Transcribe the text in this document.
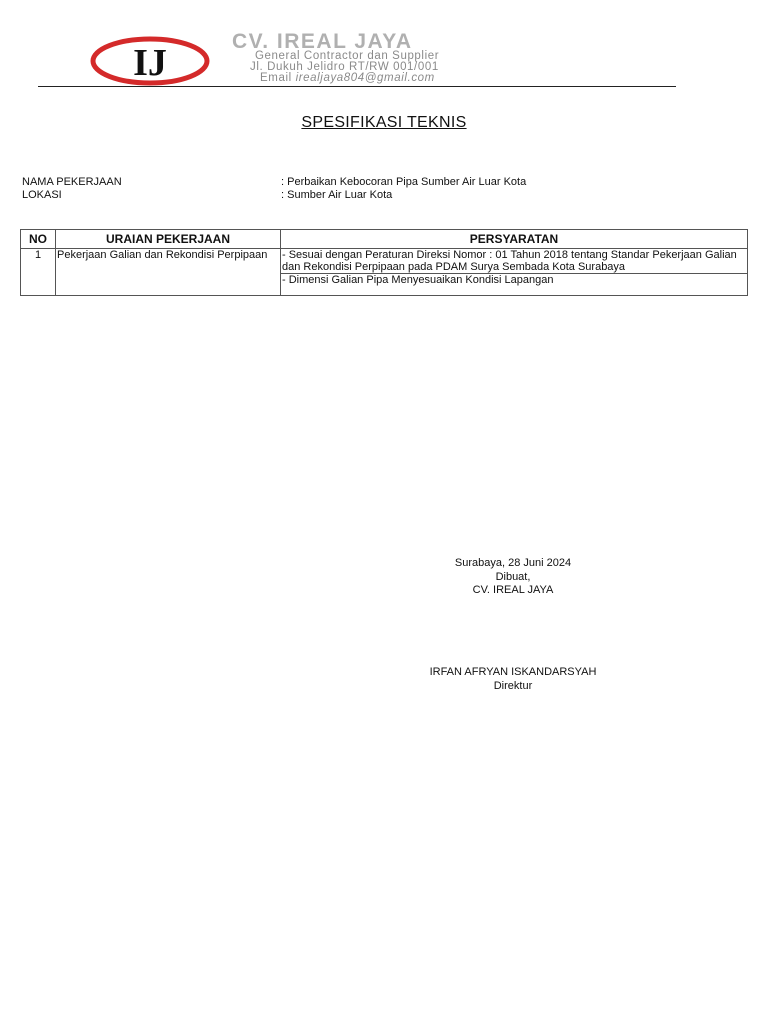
IJ
CV. IREAL JAYA
General Contractor dan Supplier
Jl. Dukuh Jelidro RT/RW 001/001
Email irealjaya804@gmail.com
SPESIFIKASI TEKNIS
NAMA PEKERJAAN	: Perbaikan Kebocoran Pipa Sumber Air Luar Kota
LOKASI	: Sumber Air Luar Kota
NO	URAIAN PEKERJAAN	PERSYARATAN
1	Pekerjaan Galian dan Rekondisi Perpipaan	- Sesuai dengan Peraturan Direksi Nomor : 01 Tahun 2018 tentang Standar Pekerjaan Galian dan Rekondisi Perpipaan pada PDAM Surya Sembada Kota Surabaya
		- Dimensi Galian Pipa Menyesuaikan Kondisi Lapangan
Surabaya, 28 Juni 2024
Dibuat,
CV. IREAL JAYA
IRFAN AFRYAN ISKANDARSYAH
Direktur
